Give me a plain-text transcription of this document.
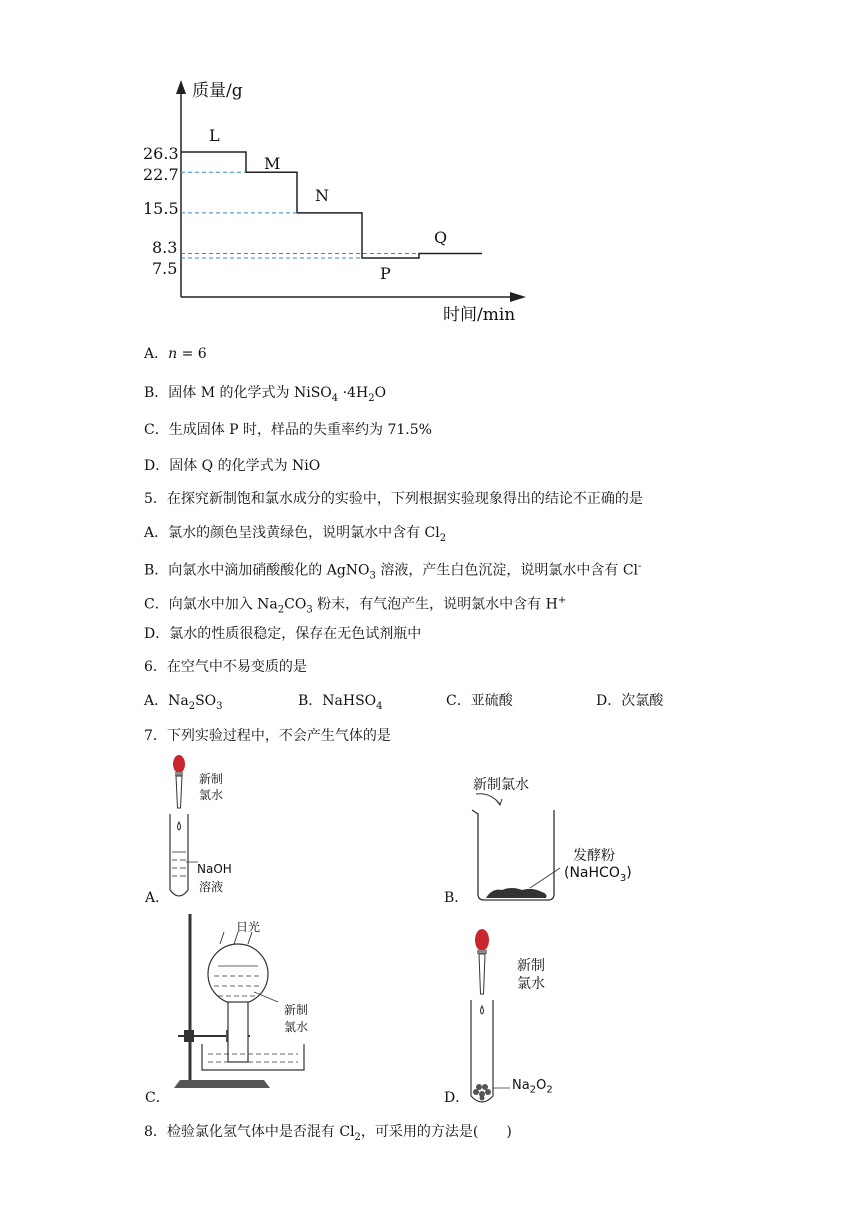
质量/g
时间/min
26.3
22.7
15.5
8.3
7.5
L
M
N
P
Q
A．n = 6
B．固体 M 的化学式为 NiSO$_4$ $\cdot 4H_2O$
C．生成固体 P 时，样品的失重率约为 71.5%
D．固体 Q 的化学式为 NiO
5．在探究新制饱和氯水成分的实验中，下列根据实验现象得出的结论不正确的是
A．氯水的颜色呈浅黄绿色，说明氯水中含有 $Cl_2$
B．向氯水中滴加硝酸酸化的 AgNO$_3$ 溶液，产生白色沉淀，说明氯水中含有 Cl-
C．向氯水中加入 $Na_2CO_3$ 粉末，有气泡产生，说明氯水中含有 H+
D．氯水的性质很稳定，保存在无色试剂瓶中
6．在空气中不易变质的是
A．$Na_2SO_3$	B．NaHSO$_4$	C．亚硫酸	D．次氯酸
7．下列实验过程中，不会产生气体的是
新制
氯水
NaOH
溶液
A．
新制氯水
发酵粉
(NaHCO$_3$)
B．
日光
新制
氯水
C．
新制
氯水
$Na_2O_2$
D．
8．检验氯化氢气体中是否混有 $Cl_2$，可采用的方法是(　　)
